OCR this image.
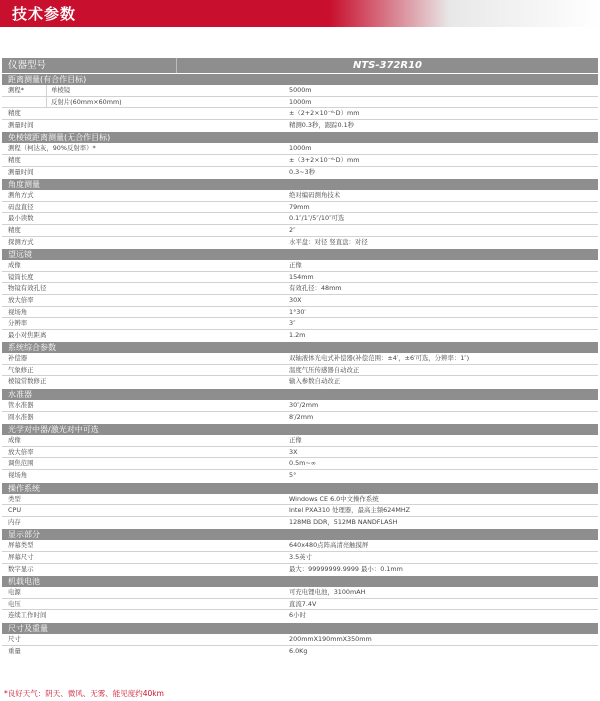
技术参数
仪器型号	NTS-372R10
距离测量(有合作目标)
测程*	单棱镜	5000m
反射片(60mm×60mm)	1000m
精度	±（2+2×10⁻⁶·D）mm
测量时间	精测0.3秒，跟踪0.1秒
免棱镜距离测量(无合作目标)
测程（柯达灰，90%反射率）*	1000m
精度	±（3+2×10⁻⁶·D）mm
测量时间	0.3~3秒
角度测量
测角方式	绝对编码测角技术
码盘直径	79mm
最小读数	0.1″/1″/5″/10″可选
精度	2″
探测方式	水平盘：对径 竖直盘：对径
望远镜
成像	正像
镜筒长度	154mm
物镜有效孔径	有效孔径：48mm
放大倍率	30X
视场角	1°30′
分辨率	3″
最小对焦距离	1.2m
系统综合参数
补偿器	双轴液体光电式补偿器(补偿范围：±4′，±6′可选，分辨率：1″)
气象修正	温度气压传感器自动改正
棱镜常数修正	输入参数自动改正
水准器
管水准器	30″/2mm
圆水准器	8′/2mm
光学对中器/激光对中可选
成像	正像
放大倍率	3X
调焦范围	0.5m~∞
视场角	5°
操作系统
类型	Windows CE 6.0中文操作系统
CPU	Intel PXA310 处理器，最高主频624MHZ
内存	128MB DDR，512MB NANDFLASH
显示部分
屏幕类型	640x480点阵高清亮触摸屏
屏幕尺寸	3.5英寸
数字显示	最大：99999999.9999 最小：0.1mm
机载电池
电源	可充电锂电池，3100mAH
电压	直流7.4V
连续工作时间	6小时
尺寸及重量
尺寸	200mmX190mmX350mm
重量	6.0Kg
*良好天气：阴天、微风、无雾、能见度约40km
